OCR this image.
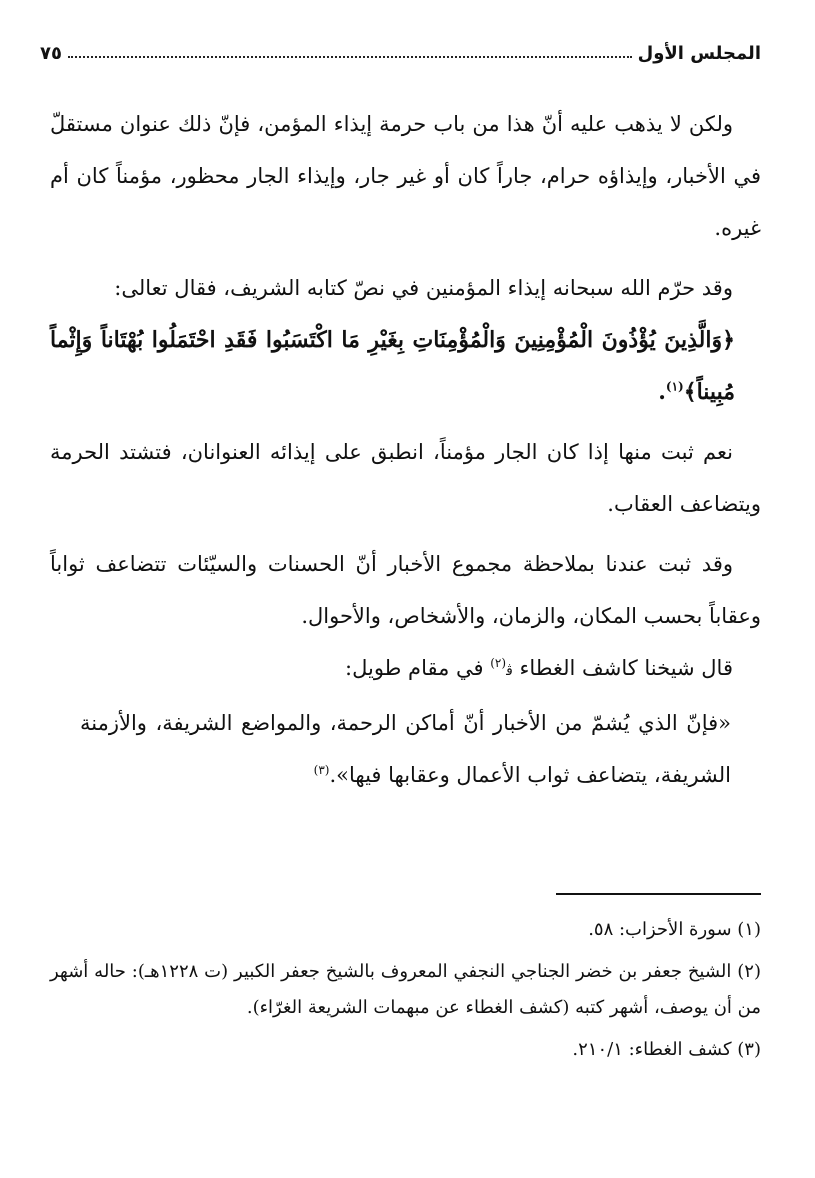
المجلس الأول
٧٥

ولكن لا يذهب عليه أنّ هذا من باب حرمة إيذاء المؤمن، فإنّ ذلك عنوان مستقلّ في الأخبار، وإيذاؤه حرام، جاراً كان أو غير جار، وإيذاء الجار محظور، مؤمناً كان أم غيره.

وقد حرّم الله سبحانه إيذاء المؤمنين في نصّ كتابه الشريف، فقال تعالى:

﴿وَالَّذِينَ يُؤْذُونَ الْمُؤْمِنِينَ وَالْمُؤْمِنَاتِ بِغَيْرِ مَا اكْتَسَبُوا فَقَدِ احْتَمَلُوا بُهْتَاناً وَإِثْماً مُبِيناً﴾$^{(١)}$.

نعم ثبت منها إذا كان الجار مؤمناً، انطبق على إيذائه العنوانان، فتشتد الحرمة ويتضاعف العقاب.

وقد ثبت عندنا بملاحظة مجموع الأخبار أنّ الحسنات والسيّئات تتضاعف ثواباً وعقاباً بحسب المكان، والزمان، والأشخاص، والأحوال.

قال شيخنا كاشف الغطاء ﭬ$^{(٢)}$ في مقام طويل:

«فإنّ الذي يُشمّ من الأخبار أنّ أماكن الرحمة، والمواضع الشريفة، والأزمنة الشريفة، يتضاعف ثواب الأعمال وعقابها فيها».$^{(٣)}$

(١) سورة الأحزاب: ٥٨.

(٢) الشيخ جعفر بن خضر الجناجي النجفي المعروف بالشيخ جعفر الكبير (ت ١٢٢٨هـ): حاله أشهر من أن يوصف، أشهر كتبه (كشف الغطاء عن مبهمات الشريعة الغرّاء).

(٣) كشف الغطاء: ٢١٠/١.
